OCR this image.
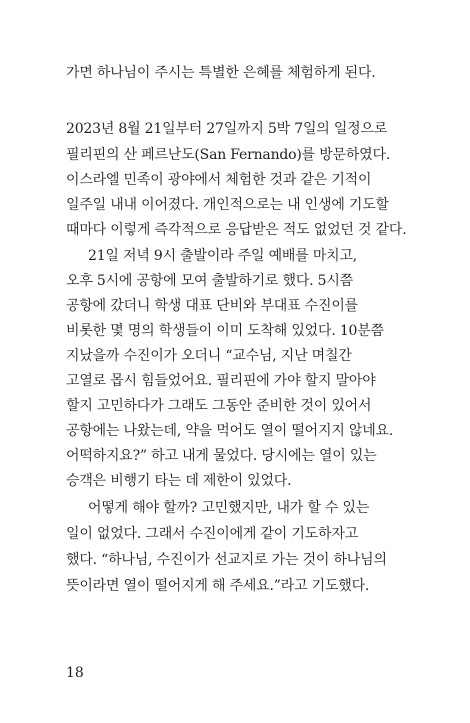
가면 하나님이 주시는 특별한 은혜를 체험하게 된다.
2023년 8월 21일부터 27일까지 5박 7일의 일정으로
필리핀의 산 페르난도(San Fernando)를 방문하였다.
이스라엘 민족이 광야에서 체험한 것과 같은 기적이
일주일 내내 이어졌다. 개인적으로는 내 인생에 기도할
때마다 이렇게 즉각적으로 응답받은 적도 없었던 것 같다.
21일 저녁 9시 출발이라 주일 예배를 마치고,
오후 5시에 공항에 모여 출발하기로 했다. 5시쯤
공항에 갔더니 학생 대표 단비와 부대표 수진이를
비롯한 몇 명의 학생들이 이미 도착해 있었다. 10분쯤
지났을까 수진이가 오더니 “교수님, 지난 며칠간
고열로 몹시 힘들었어요. 필리핀에 가야 할지 말아야
할지 고민하다가 그래도 그동안 준비한 것이 있어서
공항에는 나왔는데, 약을 먹어도 열이 떨어지지 않네요.
어떡하지요?” 하고 내게 물었다. 당시에는 열이 있는
승객은 비행기 타는 데 제한이 있었다.
어떻게 해야 할까? 고민했지만, 내가 할 수 있는
일이 없었다. 그래서 수진이에게 같이 기도하자고
했다. “하나님, 수진이가 선교지로 가는 것이 하나님의
뜻이라면 열이 떨어지게 해 주세요.”라고 기도했다.
18
